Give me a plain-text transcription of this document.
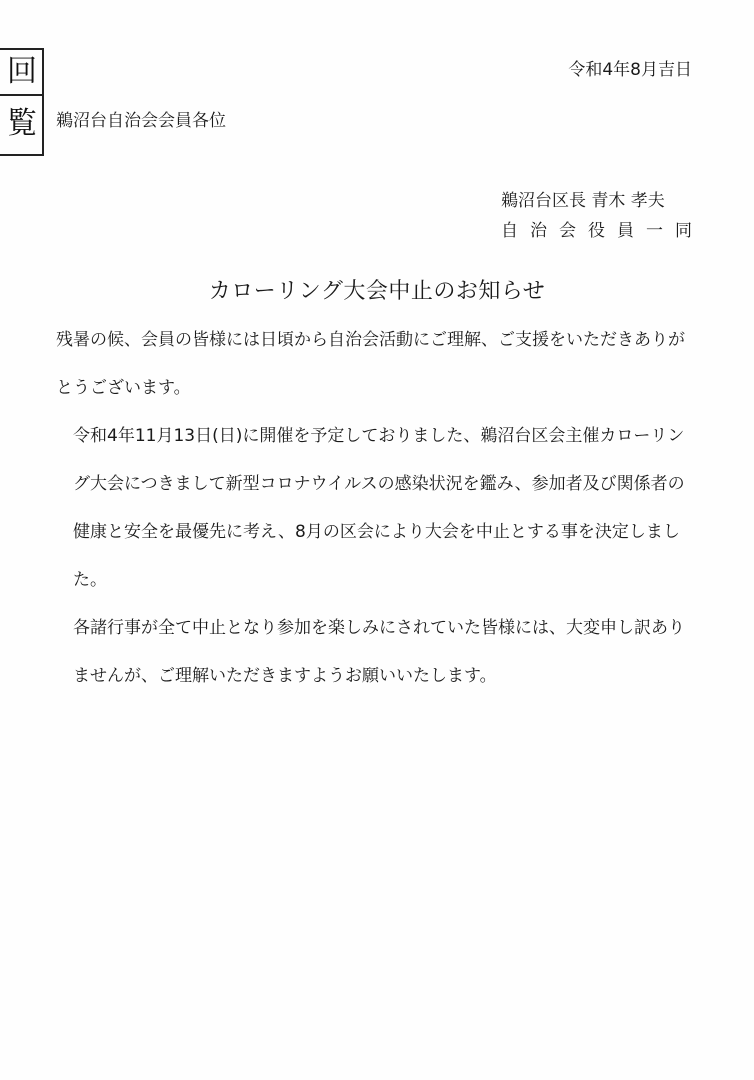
回
覧
令和4年8月吉日
鵜沼台自治会会員各位
鵜沼台区長 青木 孝夫
自治会役員一同
カローリング大会中止のお知らせ

残暑の候、会員の皆様には日頃から自治会活動にご理解、ご支援をいただきありがとうございます。

令和4年11月13日(日)に開催を予定しておりました、鵜沼台区会主催カローリング大会につきまして新型コロナウイルスの感染状況を鑑み、参加者及び関係者の健康と安全を最優先に考え、8月の区会により大会を中止とする事を決定しました。

各諸行事が全て中止となり参加を楽しみにされていた皆様には、大変申し訳ありませんが、ご理解いただきますようお願いいたします。
